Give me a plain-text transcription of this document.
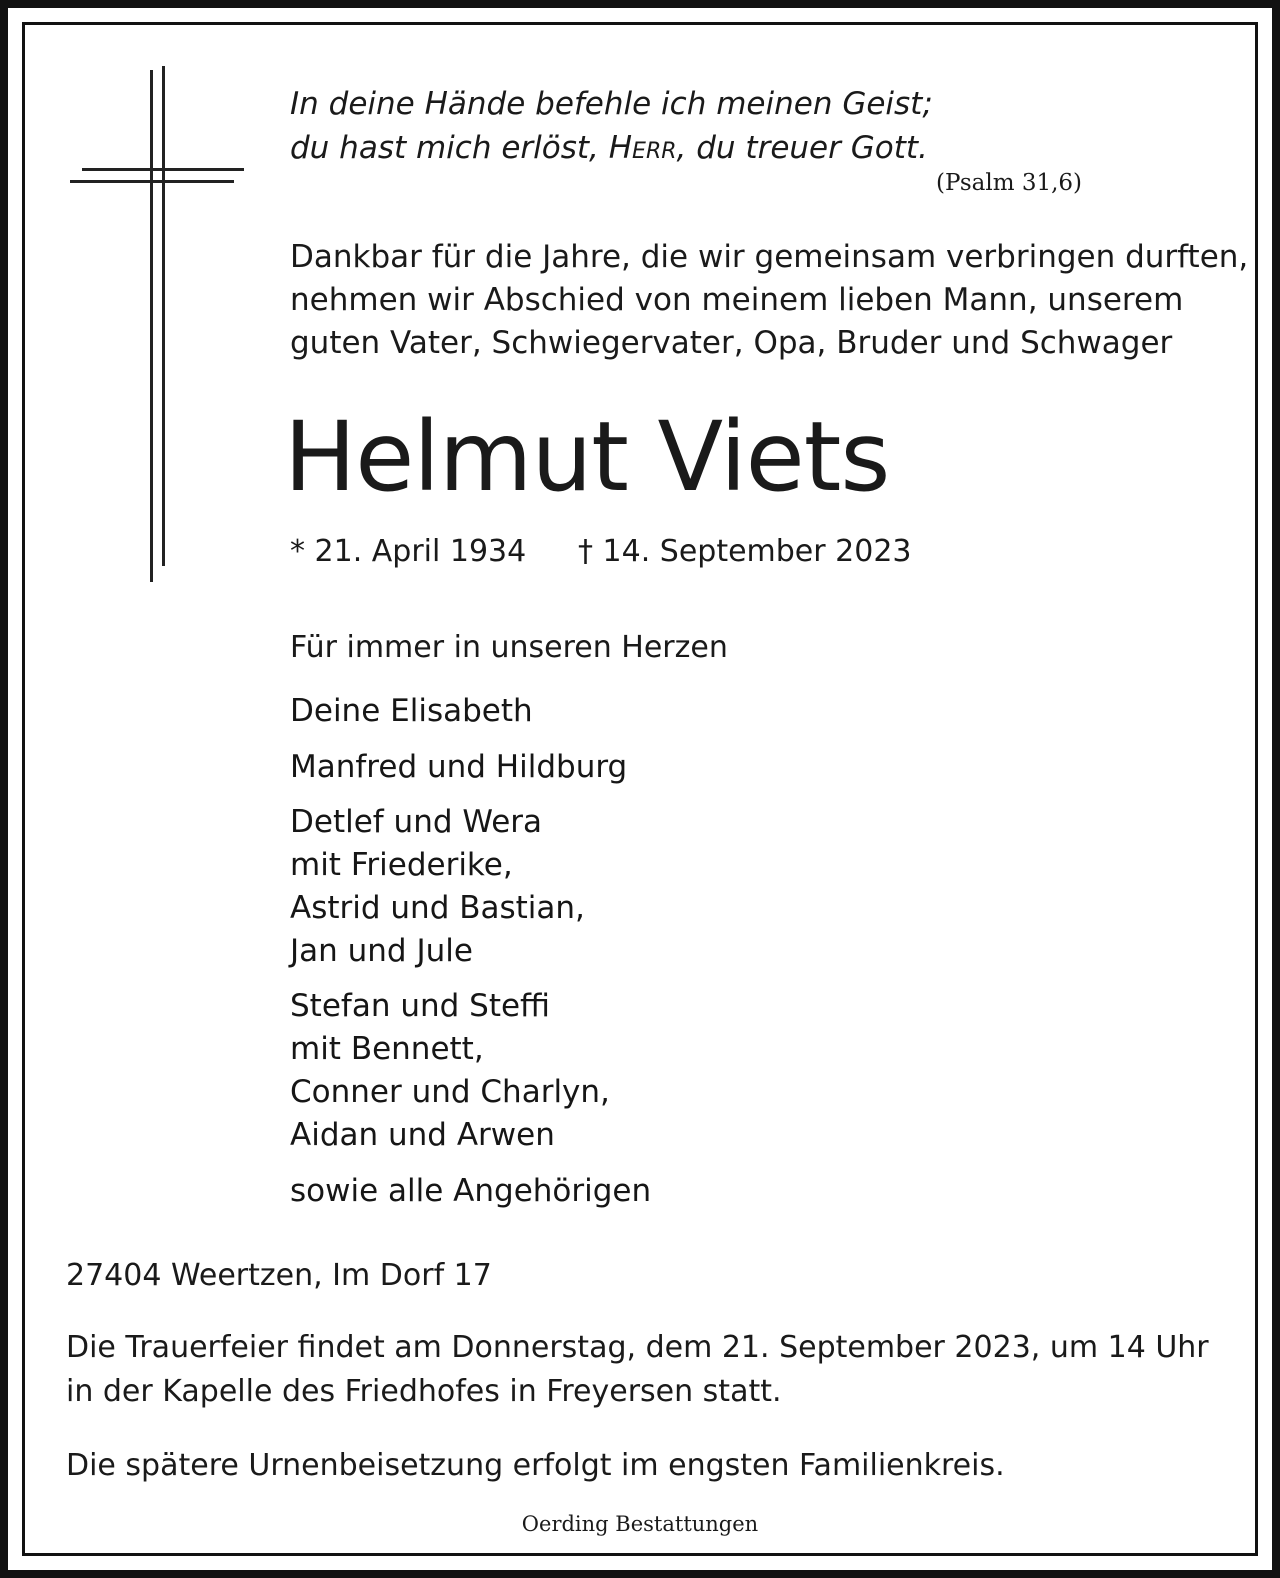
In deine Hände befehle ich meinen Geist;
du hast mich erlöst, Herr, du treuer Gott.
(Psalm 31,6)
Dankbar für die Jahre, die wir gemeinsam verbringen durften,
nehmen wir Abschied von meinem lieben Mann, unserem
guten Vater, Schwiegervater, Opa, Bruder und Schwager
Helmut Viets
* 21. April 1934 † 14. September 2023
Für immer in unseren Herzen
Deine Elisabeth
Manfred und Hildburg
Detlef und Wera
mit Friederike,
Astrid und Bastian,
Jan und Jule
Stefan und Steffi
mit Bennett,
Conner und Charlyn,
Aidan und Arwen
sowie alle Angehörigen
27404 Weertzen, Im Dorf 17
Die Trauerfeier findet am Donnerstag, dem 21. September 2023, um 14 Uhr
in der Kapelle des Friedhofes in Freyersen statt.
Die spätere Urnenbeisetzung erfolgt im engsten Familienkreis.
Oerding Bestattungen
